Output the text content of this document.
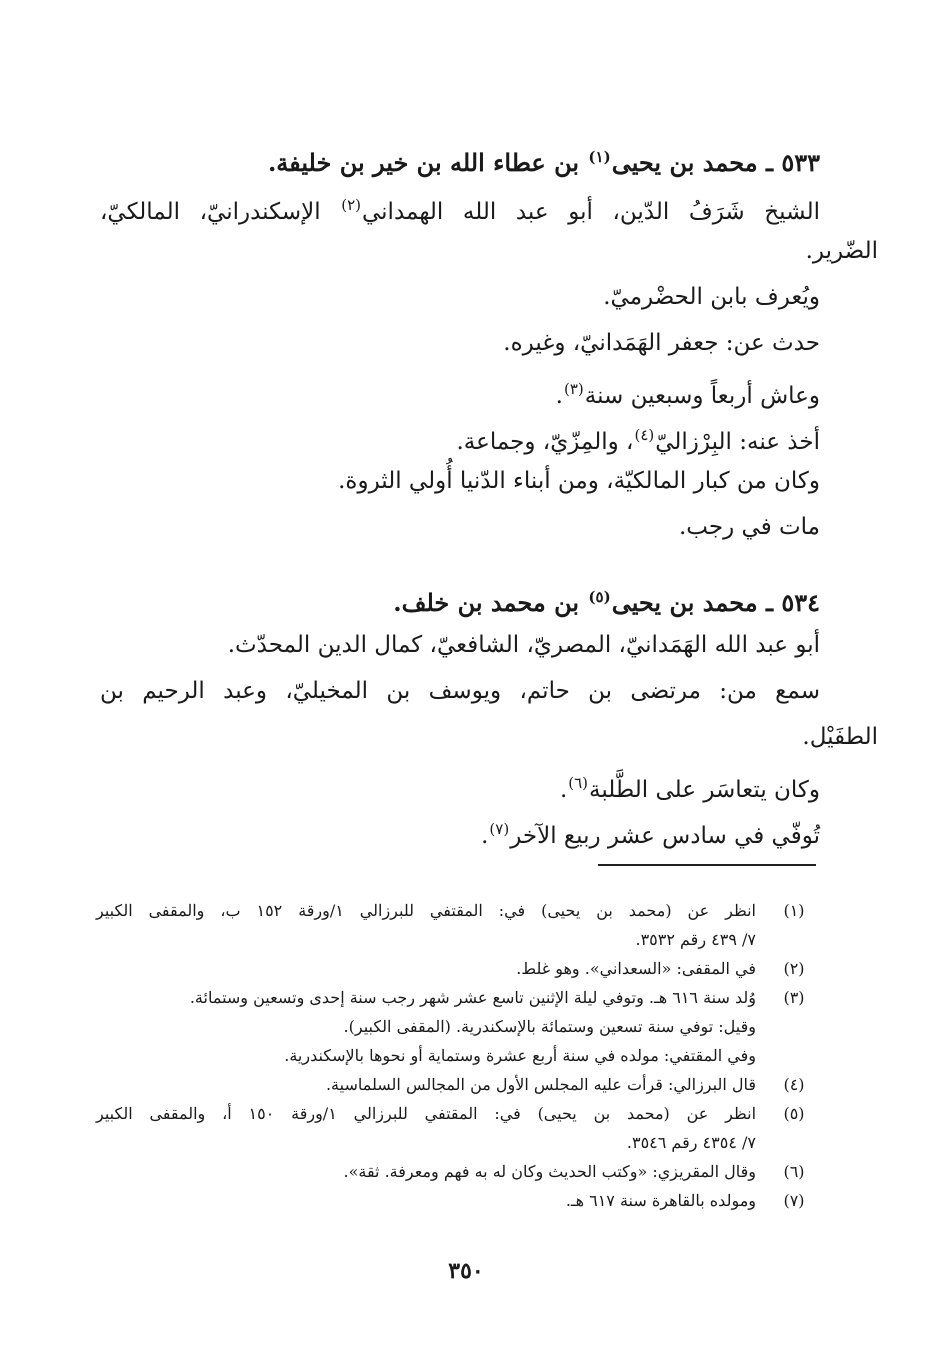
٥٣٣ ـ محمد بن يحيى$^{(١)}$ بن عطاء الله بن خير بن خليفة.
الشيخ شَرَفُ الدّين، أبو عبد الله الهمداني$^{(٢)}$ الإسكندرانيّ، المالكيّ،
الضّرير.
ويُعرف بابن الحضْرميّ.
حدث عن: جعفر الهَمَدانيّ، وغيره.
وعاش أربعاً وسبعين سنة$^{(٣)}$.
أخذ عنه: البِرْزاليّ$^{(٤)}$، والمِزّيّ، وجماعة.
وكان من كبار المالكيّة، ومن أبناء الدّنيا أُولي الثروة.
مات في رجب.
٥٣٤ ـ محمد بن يحيى$^{(٥)}$ بن محمد بن خلف.
أبو عبد الله الهَمَدانيّ، المصريّ، الشافعيّ، كمال الدين المحدّث.
سمع من: مرتضى بن حاتم، ويوسف بن المخيليّ، وعبد الرحيم بن
الطفَيْل.
وكان يتعاسَر على الطَّلبة$^{(٦)}$.
تُوفّي في سادس عشر ربيع الآخر$^{(٧)}$.
(١)
انظر عن (محمد بن يحيى) في: المقتفي للبرزالي ١/ورقة ١٥٢ ب، والمقفى الكبير
٧/ ٤٣٩ رقم ٣٥٣٢.
(٢)
في المقفى: «السعداني». وهو غلط.
(٣)
وُلد سنة ٦١٦ هـ. وتوفي ليلة الإثنين تاسع عشر شهر رجب سنة إحدى وتسعين وستمائة.
وقيل: توفي سنة تسعين وستمائة بالإسكندرية. (المقفى الكبير).
وفي المقتفي: مولده في سنة أربع عشرة وستماية أو نحوها بالإسكندرية.
(٤)
قال البرزالي: قرأت عليه المجلس الأول من المجالس السلماسية.
(٥)
انظر عن (محمد بن يحيى) في: المقتفي للبرزالي ١/ورقة ١٥٠ أ، والمقفى الكبير
٧/ ٤٣٥٤ رقم ٣٥٤٦.
(٦)
وقال المقريزي: «وكتب الحديث وكان له به فهم ومعرفة. ثقة».
(٧)
ومولده بالقاهرة سنة ٦١٧ هـ.
٣٥٠
